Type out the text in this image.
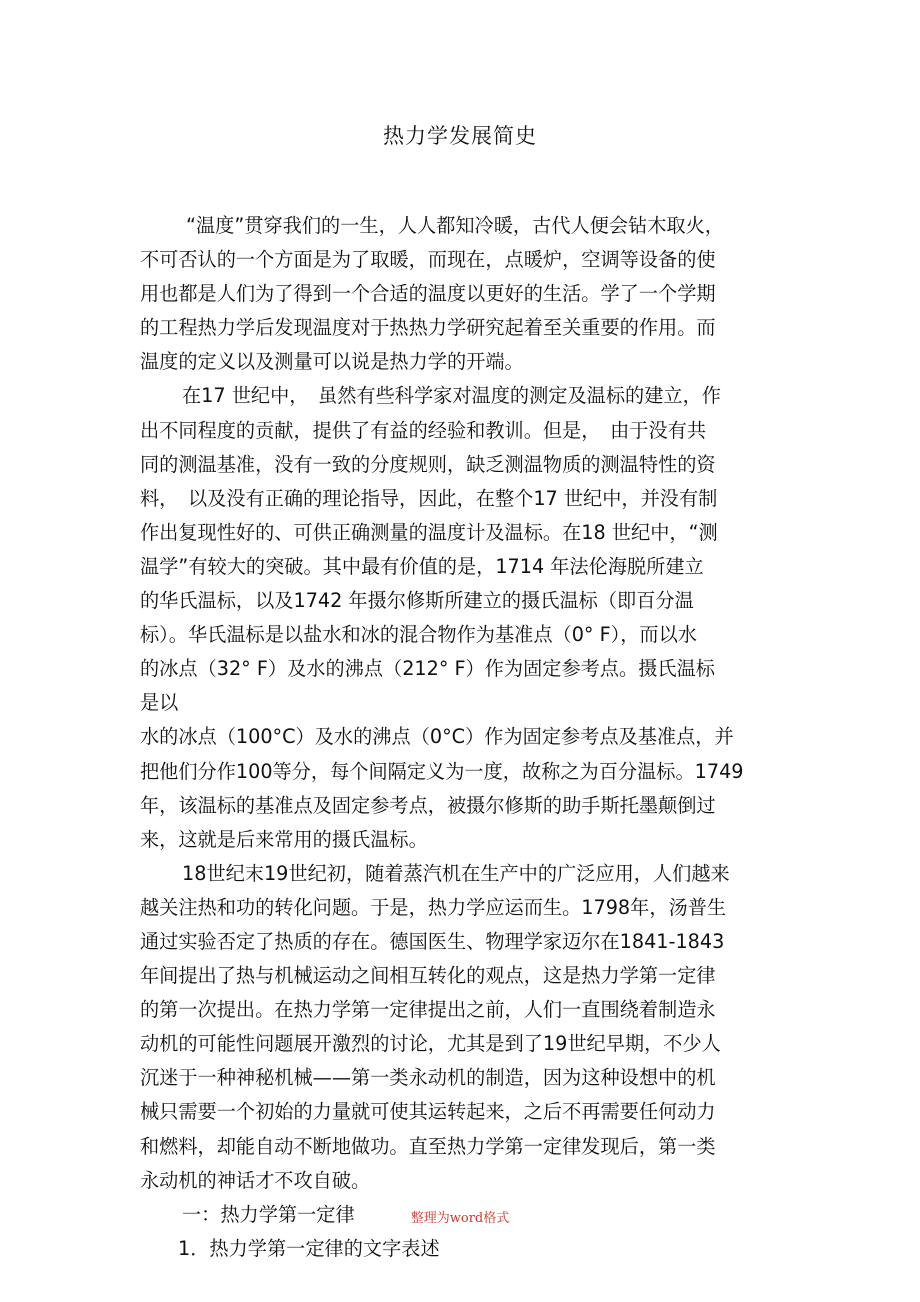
热力学发展简史
“温度”贯穿我们的一生，人人都知冷暖，古代人便会钻木取火，
不可否认的一个方面是为了取暖，而现在，点暖炉，空调等设备的使
用也都是人们为了得到一个合适的温度以更好的生活。学了一个学期
的工程热力学后发现温度对于热热力学研究起着至关重要的作用。而
温度的定义以及测量可以说是热力学的开端。
在17 世纪中，　虽然有些科学家对温度的测定及温标的建立，作
出不同程度的贡献，提供了有益的经验和教训。但是，　由于没有共
同的测温基准，没有一致的分度规则，缺乏测温物质的测温特性的资
料，　以及没有正确的理论指导，因此，在整个17 世纪中，并没有制
作出复现性好的、可供正确测量的温度计及温标。在18 世纪中，“测
温学”有较大的突破。其中最有价值的是，1714 年法伦海脱所建立
的华氏温标，以及1742 年摄尔修斯所建立的摄氏温标（即百分温
标）。华氏温标是以盐水和冰的混合物作为基准点（0° F），而以水
的冰点（32° F）及水的沸点（212° F）作为固定参考点。摄氏温标
是以
水的冰点（100°C）及水的沸点（0°C）作为固定参考点及基准点，并
把他们分作100等分，每个间隔定义为一度，故称之为百分温标。1749
年，该温标的基准点及固定参考点，被摄尔修斯的助手斯托墨颠倒过
来，这就是后来常用的摄氏温标。
18世纪末19世纪初，随着蒸汽机在生产中的广泛应用，人们越来
越关注热和功的转化问题。于是，热力学应运而生。1798年，汤普生
通过实验否定了热质的存在。德国医生、物理学家迈尔在1841-1843
年间提出了热与机械运动之间相互转化的观点，这是热力学第一定律
的第一次提出。在热力学第一定律提出之前，人们一直围绕着制造永
动机的可能性问题展开激烈的讨论，尤其是到了19世纪早期，不少人
沉迷于一种神秘机械——第一类永动机的制造，因为这种设想中的机
械只需要一个初始的力量就可使其运转起来，之后不再需要任何动力
和燃料，却能自动不断地做功。直至热力学第一定律发现后，第一类
永动机的神话才不攻自破。
一：热力学第一定律
1．热力学第一定律的文字表述
整理为word格式
